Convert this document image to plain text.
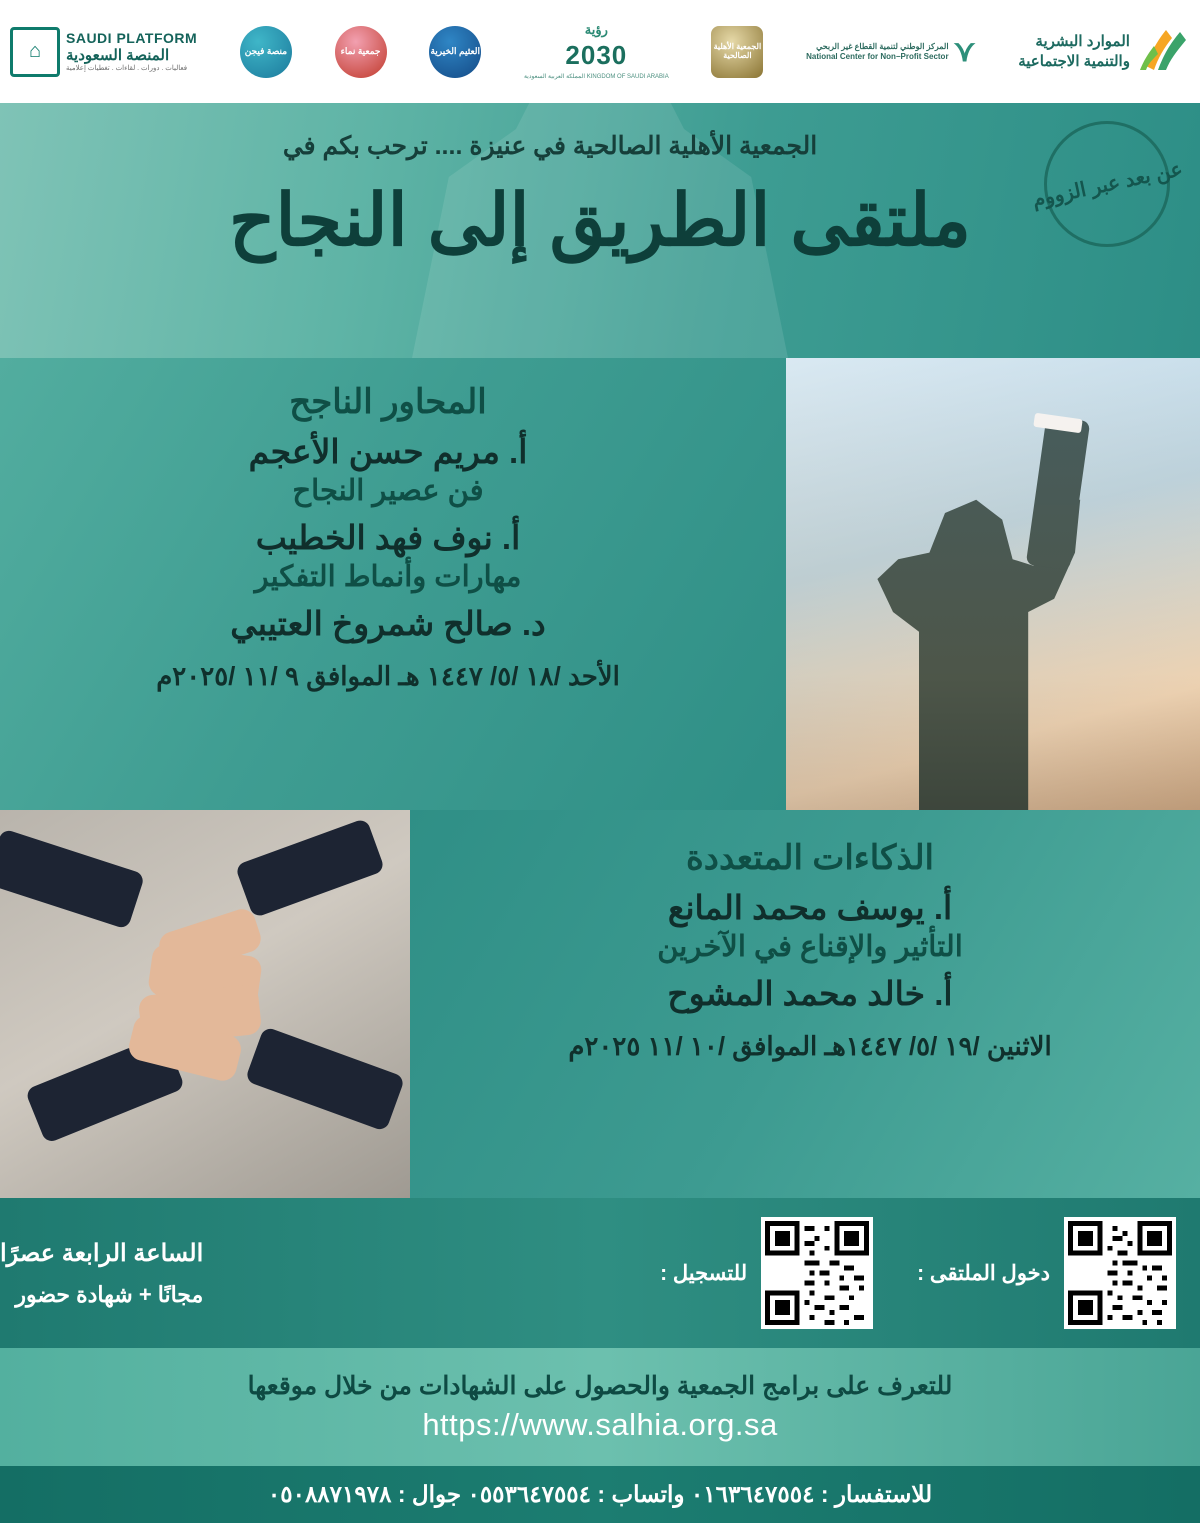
⌂
SAUDI PLATFORM
المنصة السعودية
فعاليات . دورات . لقاءات . تغطيات إعلامية
منصة فيجن	جمعية نماء	العثيم الخيرية
رؤية
2030
المملكة العربية السعودية KINGDOM OF SAUDI ARABIA
الجمعية الأهلية الصالحية
المركز الوطني لتنمية القطاع غير الربحي
National Center for Non−Profit Sector ⋎	الموارد البشرية
والتنمية الاجتماعية
عن بعد عبر الزووم
الجمعية الأهلية الصالحية في عنيزة .... ترحب بكم في
ملتقى الطريق إلى النجاح
المحاور الناجح
أ. مريم حسن الأعجم
فن عصير النجاح
أ. نوف فهد الخطيب
مهارات وأنماط التفكير
د. صالح شمروخ العتيبي
الأحد /١٨ /٥/ ١٤٤٧ هـ الموافق ٩ /١١ /٢٠٢٥م
الذكاءات المتعددة
أ. يوسف محمد المانع
التأثير والإقناع في الآخرين
أ. خالد محمد المشوح
الاثنين /١٩ /٥/ ١٤٤٧هـ الموافق /١٠ /١١ ٢٠٢٥م
دخول الملتقى :
للتسجيل :
الساعة الرابعة عصرًا
مجانًا + شهادة حضور
للتعرف على برامج الجمعية والحصول على الشهادات من خلال موقعها
https://www.salhia.org.sa
للاستفسار : ٠١٦٣٦٤٧٥٥٤ واتساب : ٠٥٥٣٦٤٧٥٥٤ جوال : ٠٥٠٨٨٧١٩٧٨
